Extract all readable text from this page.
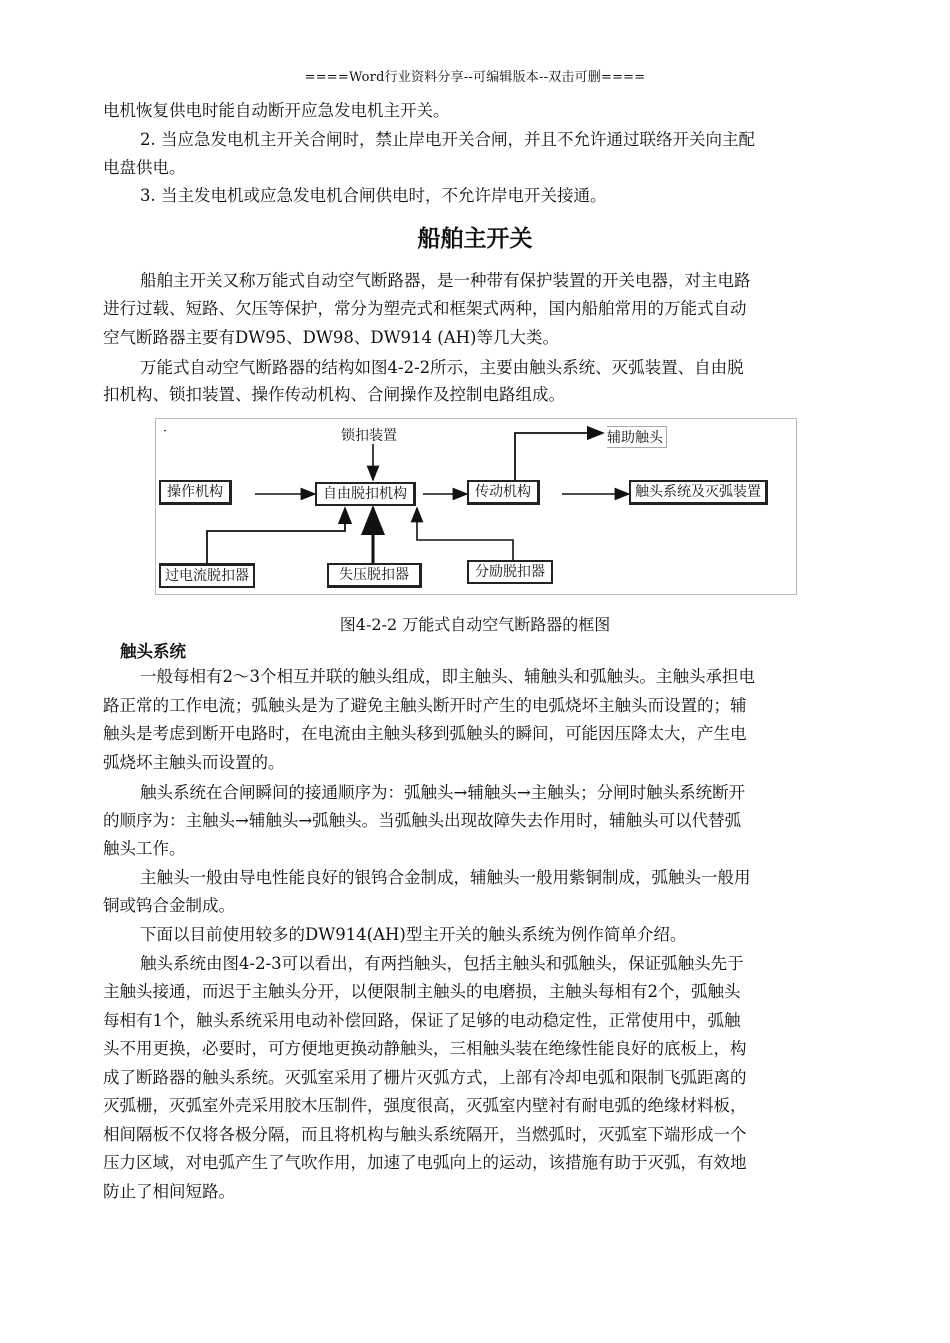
====Word行业资料分享--可编辑版本--双击可删====
电机恢复供电时能自动断开应急发电机主开关。
2. 当应急发电机主开关合闸时，禁止岸电开关合闸，并且不允许通过联络开关向主配
电盘供电。
3. 当主发电机或应急发电机合闸供电时，不允许岸电开关接通。
船舶主开关
船舶主开关又称万能式自动空气断路器，是一种带有保护装置的开关电器，对主电路
进行过载、短路、欠压等保护，常分为塑壳式和框架式两种，国内船舶常用的万能式自动
空气断路器主要有DW95、DW98、DW914 (AH)等几大类。
万能式自动空气断路器的结构如图4-2-2所示，主要由触头系统、灭弧装置、自由脱
扣机构、锁扣装置、操作传动机构、合闸操作及控制电路组成。
·	锁扣装置	辅助触头
操作机构	自由脱扣机构	传动机构	触头系统及灭弧装置
过电流脱扣器	失压脱扣器	分励脱扣器
图4-2-2 万能式自动空气断路器的框图
触头系统
一般每相有2～3个相互并联的触头组成，即主触头、辅触头和弧触头。主触头承担电
路正常的工作电流；弧触头是为了避免主触头断开时产生的电弧烧坏主触头而设置的；辅
触头是考虑到断开电路时，在电流由主触头移到弧触头的瞬间，可能因压降太大，产生电
弧烧坏主触头而设置的。
触头系统在合闸瞬间的接通顺序为：弧触头→辅触头→主触头；分闸时触头系统断开
的顺序为：主触头→辅触头→弧触头。当弧触头出现故障失去作用时，辅触头可以代替弧
触头工作。
主触头一般由导电性能良好的银钨合金制成，辅触头一般用紫铜制成，弧触头一般用
铜或钨合金制成。
下面以目前使用较多的DW914(AH)型主开关的触头系统为例作简单介绍。
触头系统由图4-2-3可以看出，有两挡触头，包括主触头和弧触头，保证弧触头先于
主触头接通，而迟于主触头分开，以便限制主触头的电磨损，主触头每相有2个，弧触头
每相有1个，触头系统采用电动补偿回路，保证了足够的电动稳定性，正常使用中，弧触
头不用更换，必要时，可方便地更换动静触头，三相触头装在绝缘性能良好的底板上，构
成了断路器的触头系统。灭弧室采用了栅片灭弧方式，上部有冷却电弧和限制飞弧距离的
灭弧栅，灭弧室外壳采用胶木压制件，强度很高，灭弧室内壁衬有耐电弧的绝缘材料板，
相间隔板不仅将各极分隔，而且将机构与触头系统隔开，当燃弧时，灭弧室下端形成一个
压力区域，对电弧产生了气吹作用，加速了电弧向上的运动，该措施有助于灭弧，有效地
防止了相间短路。
